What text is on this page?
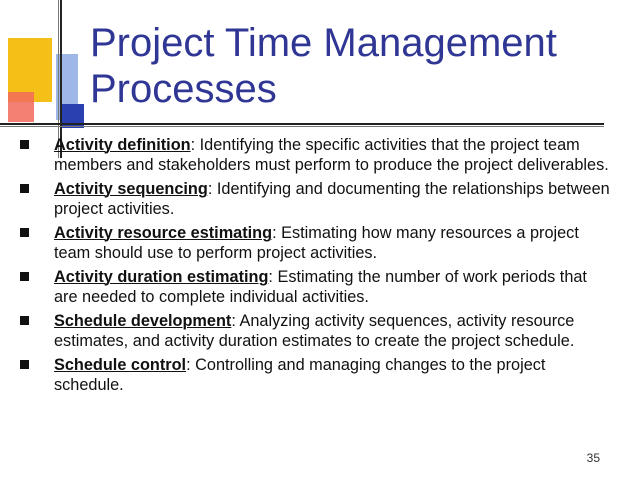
Project Time Management
Processes
Activity definition: Identifying the specific activities that the project team members and stakeholders must perform to produce the project deliverables.
Activity sequencing: Identifying and documenting the relationships between project activities.
Activity resource estimating: Estimating how many resources a project team should use to perform project activities.
Activity duration estimating: Estimating the number of work periods that are needed to complete individual activities.
Schedule development: Analyzing activity sequences, activity resource estimates, and activity duration estimates to create the project schedule.
Schedule control: Controlling and managing changes to the project schedule.
35
